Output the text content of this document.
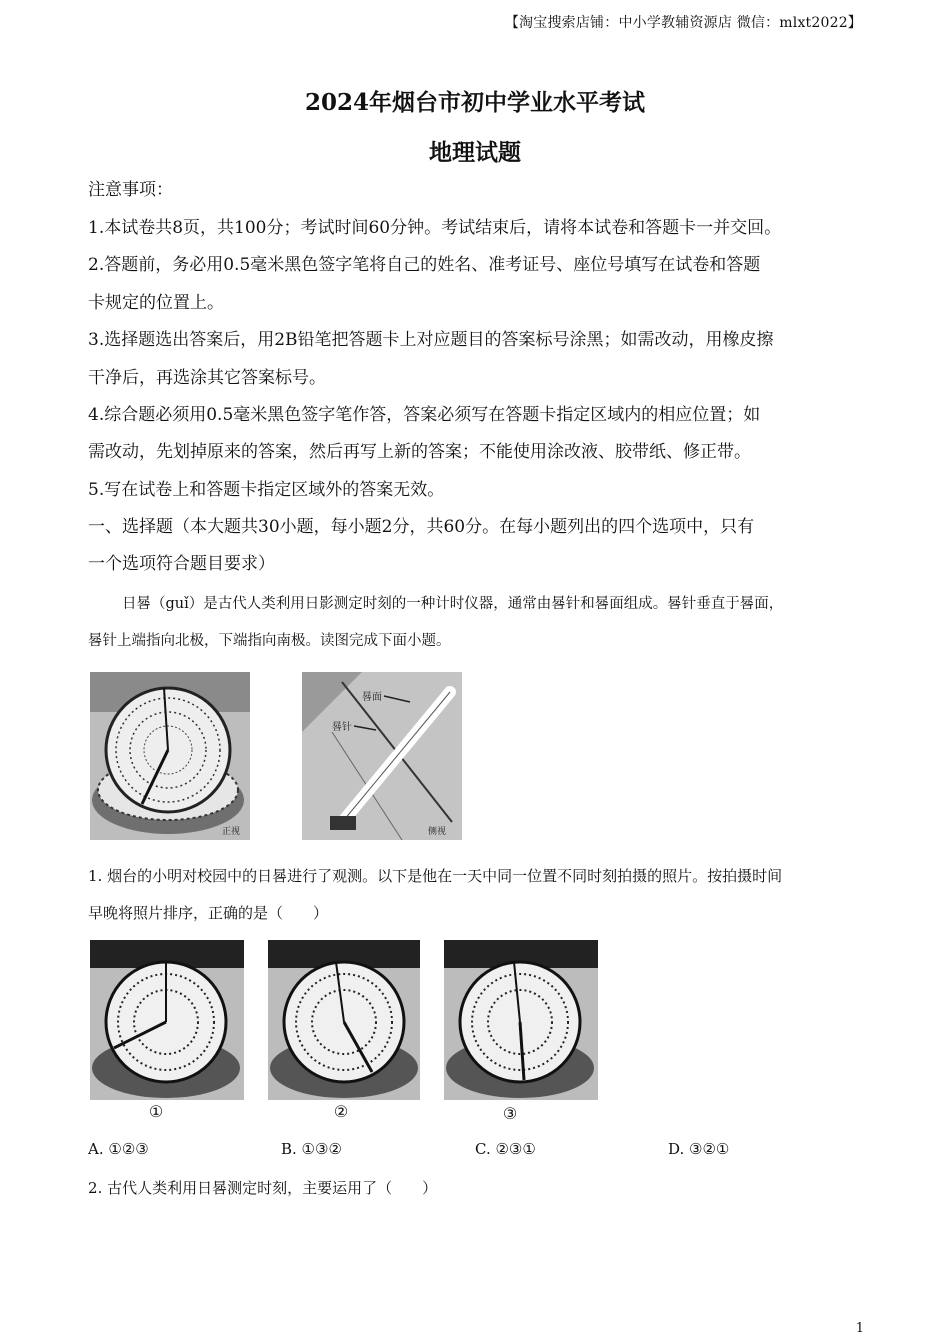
【淘宝搜索店铺：中小学教辅资源店 微信：mlxt2022】
2024年烟台市初中学业水平考试
地理试题
注意事项：
1.本试卷共8页，共100分；考试时间60分钟。考试结束后，请将本试卷和答题卡一并交回。
2.答题前，务必用0.5毫米黑色签字笔将自己的姓名、准考证号、座位号填写在试卷和答题
卡规定的位置上。
3.选择题选出答案后，用2B铅笔把答题卡上对应题目的答案标号涂黑；如需改动，用橡皮擦
干净后，再选涂其它答案标号。
4.综合题必须用0.5毫米黑色签字笔作答，答案必须写在答题卡指定区域内的相应位置；如
需改动，先划掉原来的答案，然后再写上新的答案；不能使用涂改液、胶带纸、修正带。
5.写在试卷上和答题卡指定区域外的答案无效。
一、选择题（本大题共30小题，每小题2分，共60分。在每小题列出的四个选项中，只有
一个选项符合题目要求）
日晷（guǐ）是古代人类利用日影测定时刻的一种计时仪器，通常由晷针和晷面组成。晷针垂直于晷面，
晷针上端指向北极，下端指向南极。读图完成下面小题。
正视
晷面
晷针
侧视
1. 烟台的小明对校园中的日晷进行了观测。以下是他在一天中同一位置不同时刻拍摄的照片。按拍摄时间
早晚将照片排序，正确的是（　　）
①	②	③
A. ①②③	B. ①③②	C. ②③①	D. ③②①
2. 古代人类利用日晷测定时刻，主要运用了（　　）
1
